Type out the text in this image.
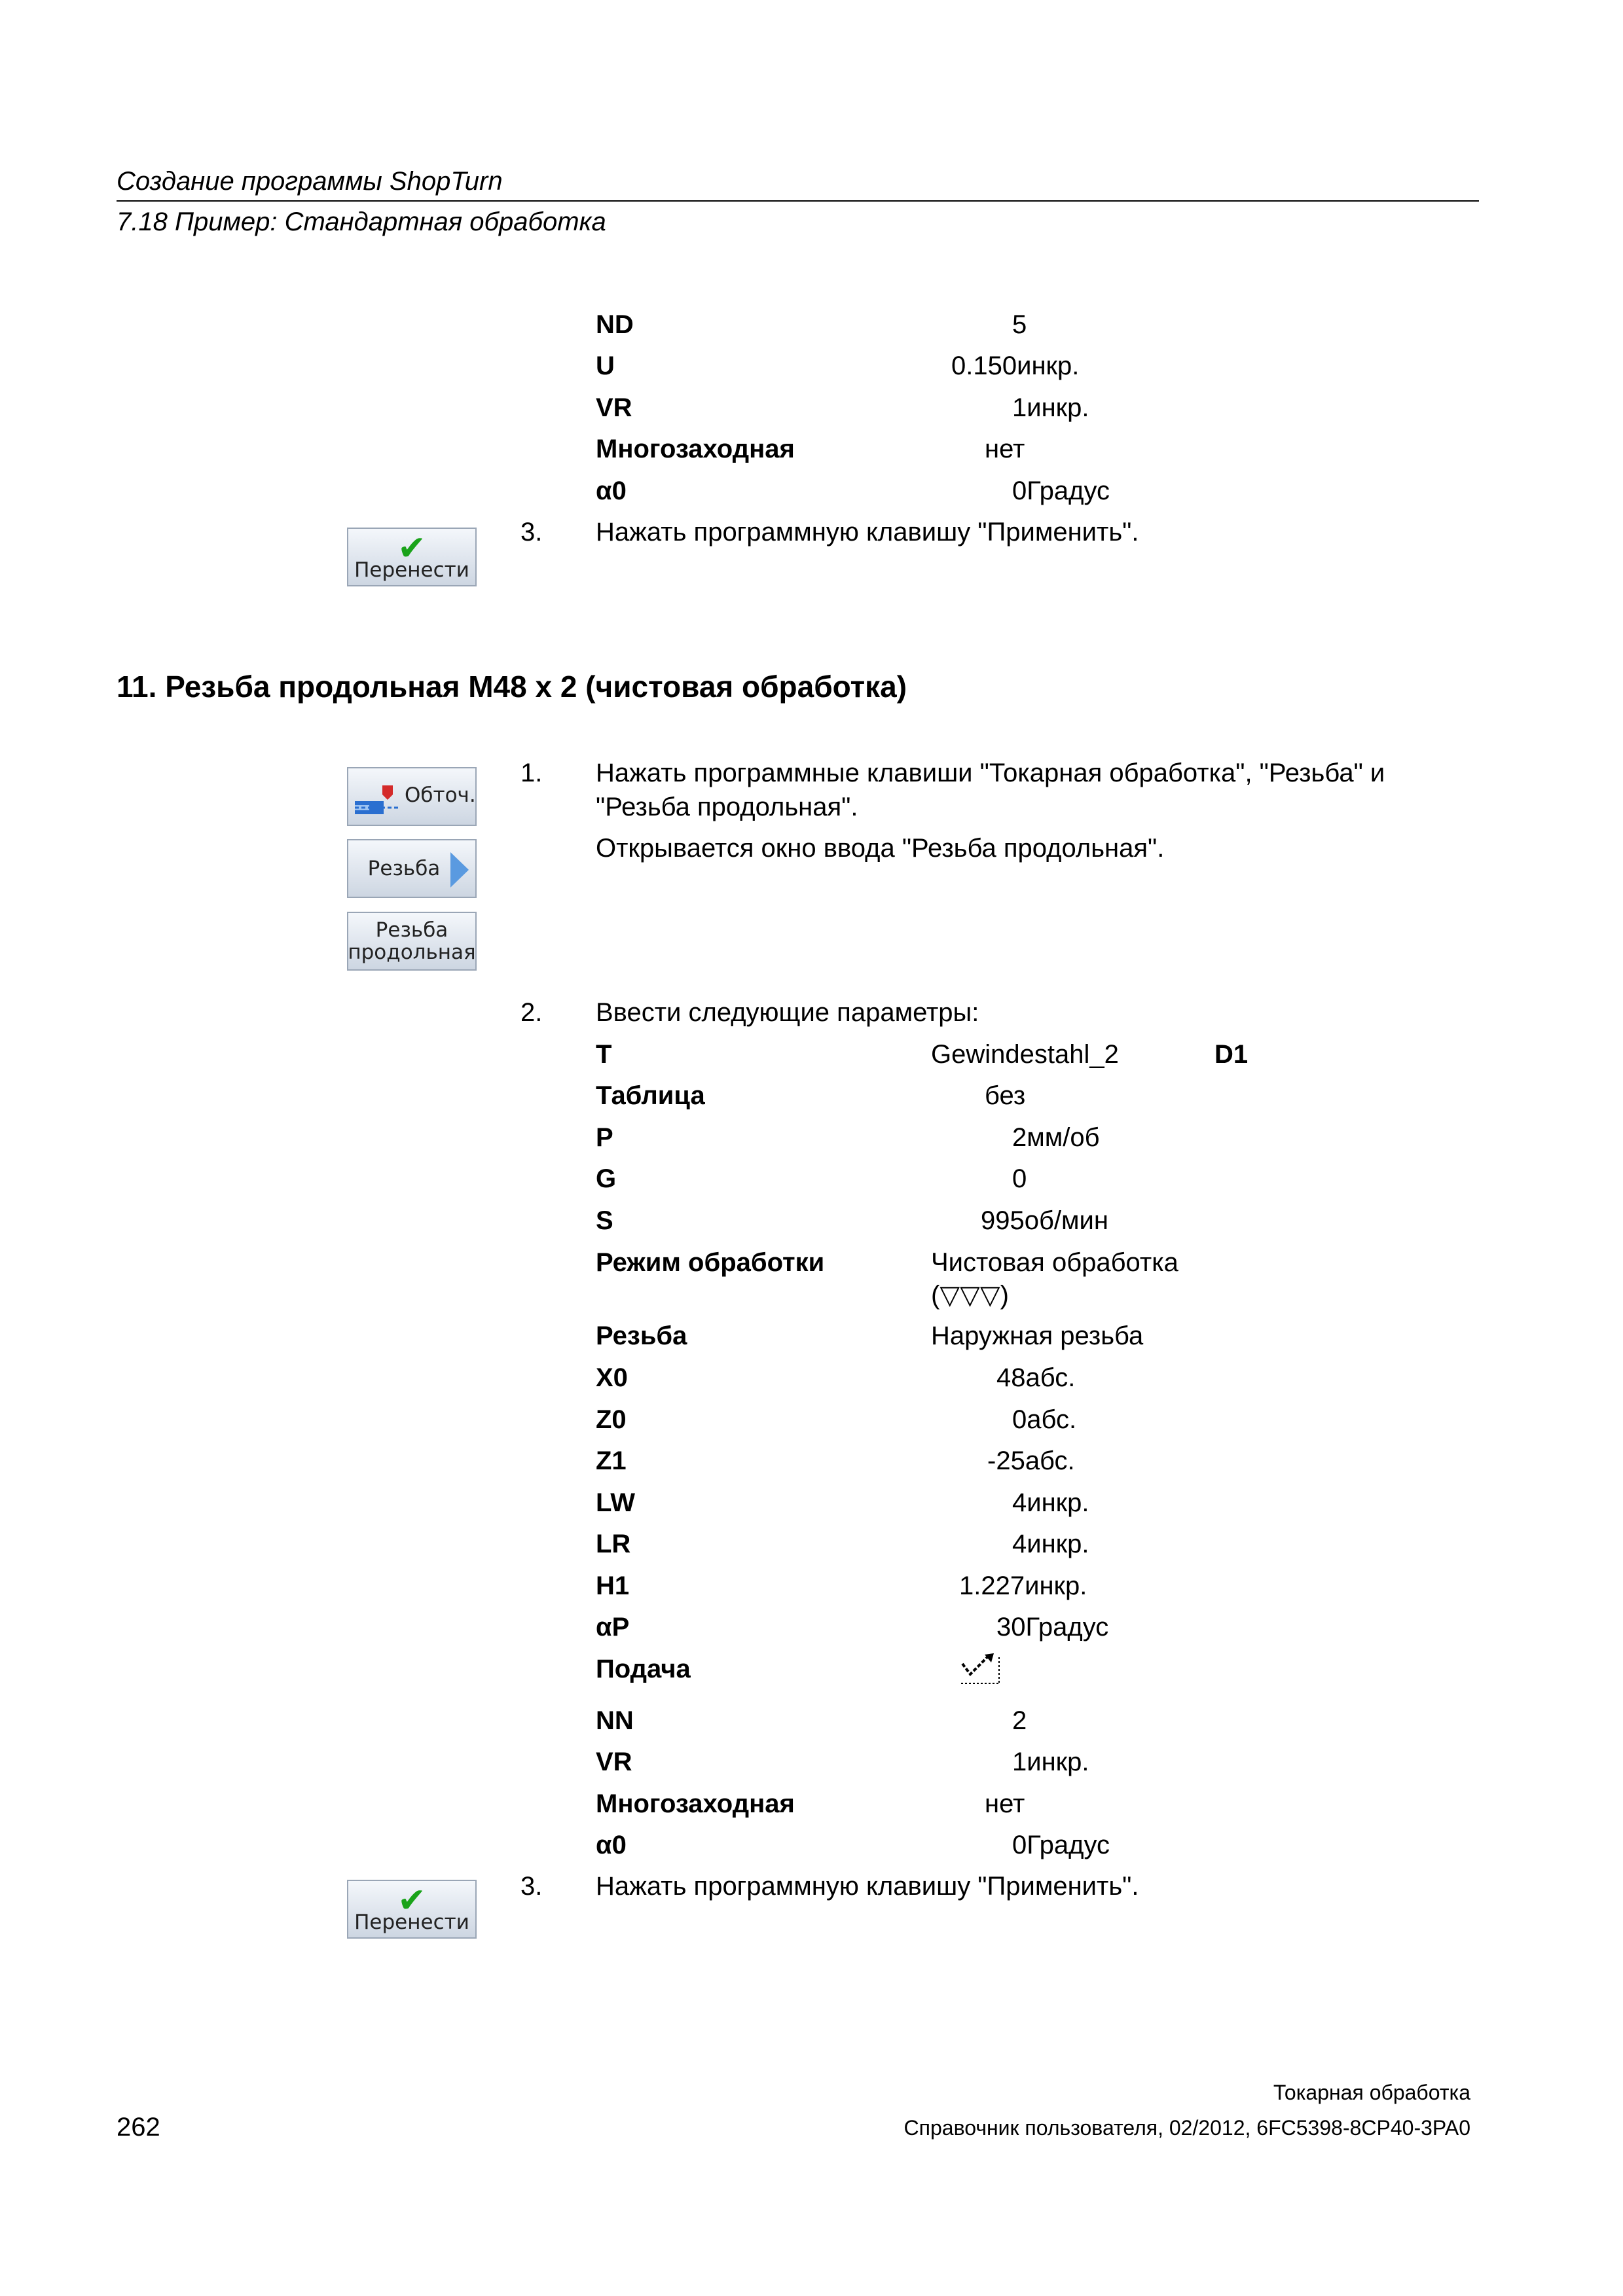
Создание программы ShopTurn
7.18 Пример: Стандартная обработка
ND	5
U	0.150инкр.
VR	1инкр.
Многозаходная	нет
α0	0Градус
✔
Перенести
3. Нажать программную клавишу "Применить".
11. Резьба продольная M48 x 2 (чистовая обработка)
Обточ.
Резьба
Резьба
продольная
1. Нажать программные клавиши "Токарная обработка", "Резьба" и
"Резьба продольная".
Открывается окно ввода "Резьба продольная".
2. Ввести следующие параметры:
T	Gewindestahl_2	D1
Таблица	без
P	2мм/об
G	0
S	995об/мин
Режим обработки	Чистовая обработка
(▽▽▽)
Резьба	Наружная резьба
X0	48абс.
Z0	0абс.
Z1	-25абс.
LW	4инкр.
LR	4инкр.
H1	1.227инкр.
αP	30Градус
Подача
NN	2
VR	1инкр.
Многозаходная	нет
α0	0Градус
✔
Перенести
3. Нажать программную клавишу "Применить".
Токарная обработка
262	Справочник пользователя, 02/2012, 6FC5398-8CP40-3PA0
